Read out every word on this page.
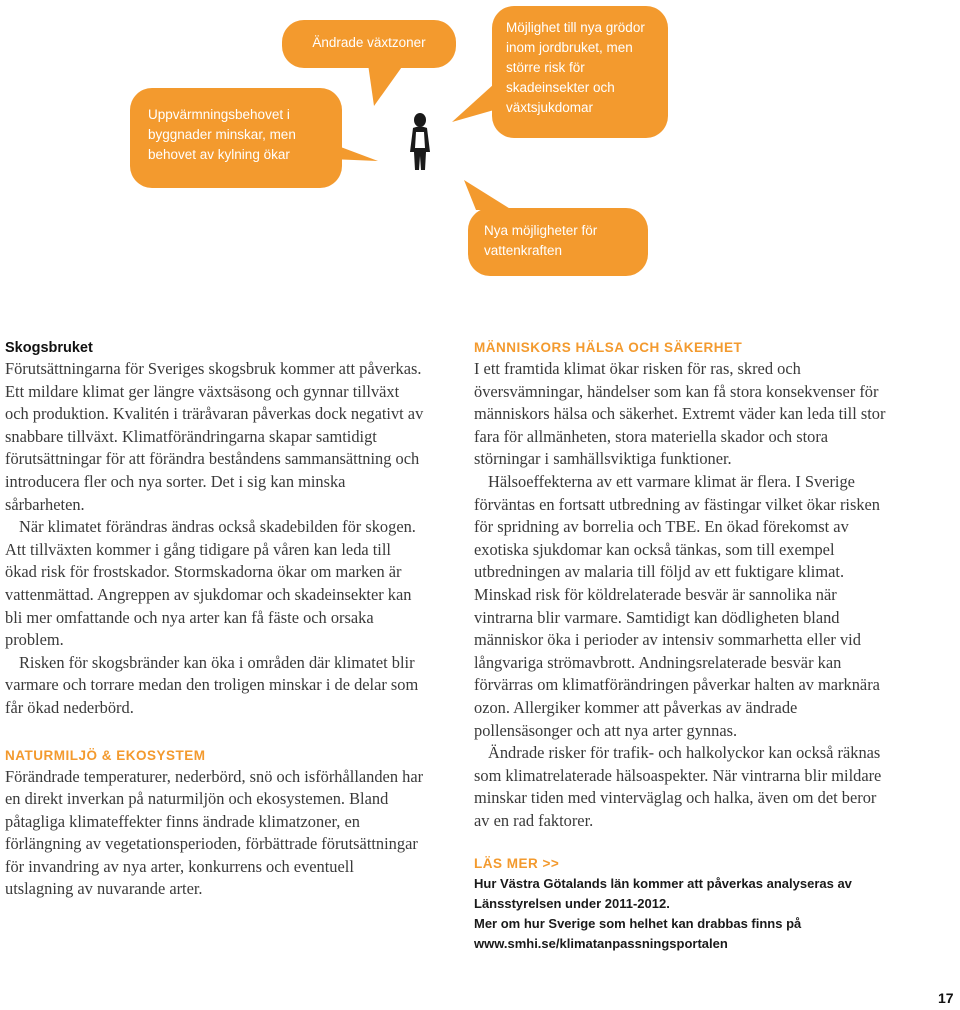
Uppvärmningsbehovet i byggnader minskar, men behovet av kylning ökar
Ändrade växtzoner
Möjlighet till nya grödor inom jordbruket, men större risk för skadeinsekter och växtsjukdomar
Nya möjligheter för vattenkraften

Skogsbruket

Förutsättningarna för Sveriges skogsbruk kommer att påverkas. Ett mildare klimat ger längre växtsäsong och gynnar tillväxt och produktion. Kvalitén i träråvaran påverkas dock negativt av snabbare tillväxt. Klimatförändringarna skapar samtidigt förutsättningar för att förändra beståndens sammansättning och introducera fler och nya sorter. Det i sig kan minska sårbarheten.

När klimatet förändras ändras också skadebilden för skogen. Att tillväxten kommer i gång tidigare på våren kan leda till ökad risk för frostskador. Stormskadorna ökar om marken är vattenmättad. Angreppen av sjukdomar och skadeinsekter kan bli mer omfattande och nya arter kan få fäste och orsaka problem.

Risken för skogsbränder kan öka i områden där klimatet blir varmare och torrare medan den troligen minskar i de delar som får ökad nederbörd.

NATURMILJÖ & EKOSYSTEM

Förändrade temperaturer, nederbörd, snö och isförhållanden har en direkt inverkan på naturmiljön och ekosystemen. Bland påtagliga klimateffekter finns ändrade klimatzoner, en förlängning av vegetationsperioden, förbättrade förutsättningar för invandring av nya arter, konkurrens och eventuell utslagning av nuvarande arter.

MÄNNISKORS HÄLSA OCH SÄKERHET

I ett framtida klimat ökar risken för ras, skred och översvämningar, händelser som kan få stora konsekvenser för människors hälsa och säkerhet. Extremt väder kan leda till stor fara för allmänheten, stora materiella skador och stora störningar i samhällsviktiga funktioner.

Hälsoeffekterna av ett varmare klimat är flera. I Sverige förväntas en fortsatt utbredning av fästingar vilket ökar risken för spridning av borrelia och TBE. En ökad förekomst av exotiska sjukdomar kan också tänkas, som till exempel utbredningen av malaria till följd av ett fuktigare klimat. Minskad risk för köldrelaterade besvär är sannolika när vintrarna blir varmare. Samtidigt kan dödligheten bland människor öka i perioder av intensiv sommarhetta eller vid långvariga strömavbrott. Andningsrelaterade besvär kan förvärras om klimatförändringen påverkar halten av marknära ozon. Allergiker kommer att påverkas av ändrade pollensäsonger och att nya arter gynnas.

Ändrade risker för trafik- och halkolyckor kan också räknas som klimatrelaterade hälsoaspekter. När vintrarna blir mildare minskar tiden med vinterväglag och halka, även om det beror av en rad faktorer.

LÄS MER >>

Hur Västra Götalands län kommer att påverkas analyseras av Länsstyrelsen under 2011-2012.

Mer om hur Sverige som helhet kan drabbas finns på www.smhi.se/klimatanpassningsportalen

17
